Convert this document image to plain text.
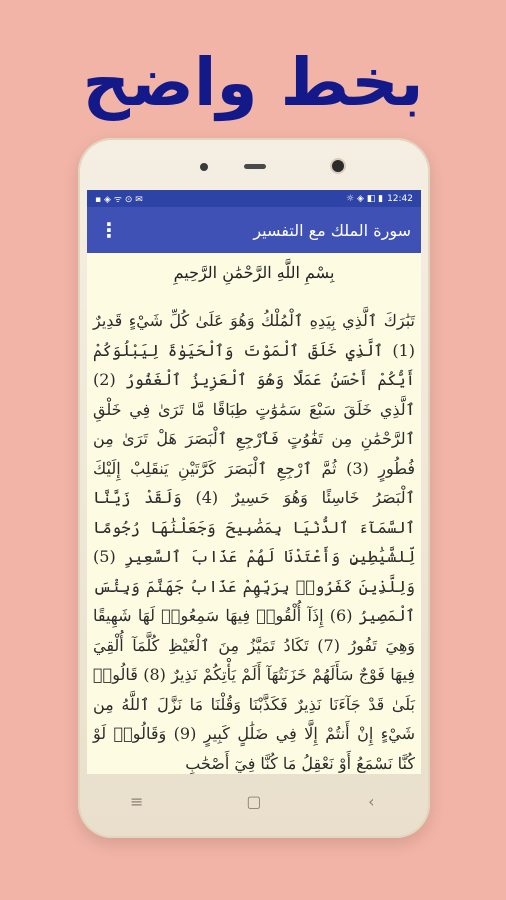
بخط واضح
▪ ◈ ᯤ ⊙ ✉	☼ ◈ ◧ ▮ 12:42
⋮	سورة الملك مع التفسير
بِسْمِ اللَّهِ الرَّحْمَٰنِ الرَّحِيمِ
تَبَٰرَكَ ٱلَّذِي بِيَدِهِ ٱلْمُلْكُ وَهُوَ عَلَىٰ كُلِّ شَيْءٍ قَدِيرٌ (1) ٱلَّذِي خَلَقَ ٱلْمَوْتَ وَٱلْحَيَوٰةَ لِيَبْلُوَكُمْ أَيُّكُمْ أَحْسَنُ عَمَلًا وَهُوَ ٱلْعَزِيزُ ٱلْغَفُورُ (2) ٱلَّذِي خَلَقَ سَبْعَ سَمَٰوَٰتٍ طِبَاقًا مَّا تَرَىٰ فِي خَلْقِ ٱلرَّحْمَٰنِ مِن تَفَٰوُتٍ فَٱرْجِعِ ٱلْبَصَرَ هَلْ تَرَىٰ مِن فُطُورٍ (3) ثُمَّ ٱرْجِعِ ٱلْبَصَرَ كَرَّتَيْنِ يَنقَلِبْ إِلَيْكَ ٱلْبَصَرُ خَاسِئًا وَهُوَ حَسِيرٌ (4) وَلَقَدْ زَيَّنَّا ٱلسَّمَآءَ ٱلدُّنْيَا بِمَصَٰبِيحَ وَجَعَلْنَٰهَا رُجُومًا لِّلشَّيَٰطِينِ وَأَعْتَدْنَا لَهُمْ عَذَابَ ٱلسَّعِيرِ (5) وَلِلَّذِينَ كَفَرُوا۟ بِرَبِّهِمْ عَذَابُ جَهَنَّمَ وَبِئْسَ ٱلْمَصِيرُ (6) إِذَآ أُلْقُوا۟ فِيهَا سَمِعُوا۟ لَهَا شَهِيقًا وَهِيَ تَفُورُ (7) تَكَادُ تَمَيَّزُ مِنَ ٱلْغَيْظِ كُلَّمَآ أُلْقِيَ فِيهَا فَوْجٌ سَأَلَهُمْ خَزَنَتُهَآ أَلَمْ يَأْتِكُمْ نَذِيرٌ (8) قَالُوا۟ بَلَىٰ قَدْ جَآءَنَا نَذِيرٌ فَكَذَّبْنَا وَقُلْنَا مَا نَزَّلَ ٱللَّهُ مِن شَيْءٍ إِنْ أَنتُمْ إِلَّا فِي ضَلَٰلٍ كَبِيرٍ (9) وَقَالُوا۟ لَوْ كُنَّا نَسْمَعُ أَوْ نَعْقِلُ مَا كُنَّا فِيٓ أَصْحَٰبِ
≡	▢	‹
